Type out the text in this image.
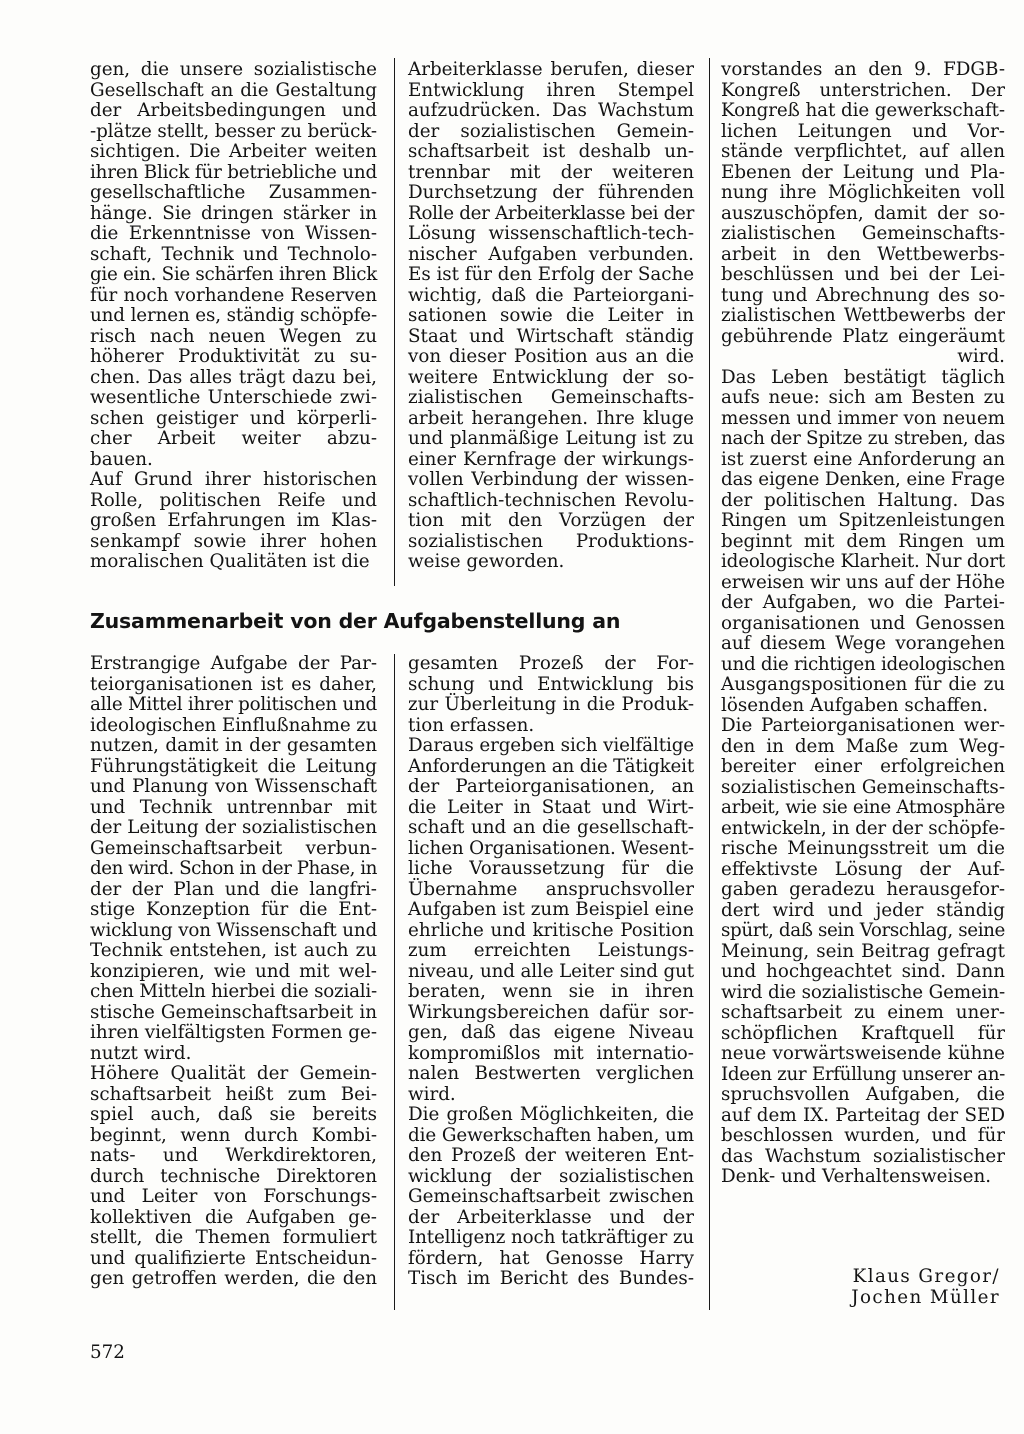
gen, die unsere sozialistische
Gesellschaft an die Gestaltung
der Arbeitsbedingungen und
-plätze stellt, besser zu berück-
sichtigen. Die Arbeiter weiten
ihren Blick für betriebliche und
gesellschaftliche Zusammen-
hänge. Sie dringen stärker in
die Erkenntnisse von Wissen-
schaft, Technik und Technolo-
gie ein. Sie schärfen ihren Blick
für noch vorhandene Reserven
und lernen es, ständig schöpfe-
risch nach neuen Wegen zu
höherer Produktivität zu su-
chen. Das alles trägt dazu bei,
wesentliche Unterschiede zwi-
schen geistiger und körperli-
cher Arbeit weiter abzu-
bauen.
Auf Grund ihrer historischen
Rolle, politischen Reife und
großen Erfahrungen im Klas-
senkampf sowie ihrer hohen
moralischen Qualitäten ist die
Arbeiterklasse berufen, dieser
Entwicklung ihren Stempel
aufzudrücken. Das Wachstum
der sozialistischen Gemein-
schaftsarbeit ist deshalb un-
trennbar mit der weiteren
Durchsetzung der führenden
Rolle der Arbeiterklasse bei der
Lösung wissenschaftlich-tech-
nischer Aufgaben verbunden.
Es ist für den Erfolg der Sache
wichtig, daß die Parteiorgani-
sationen sowie die Leiter in
Staat und Wirtschaft ständig
von dieser Position aus an die
weitere Entwicklung der so-
zialistischen Gemeinschafts-
arbeit herangehen. Ihre kluge
und planmäßige Leitung ist zu
einer Kernfrage der wirkungs-
vollen Verbindung der wissen-
schaftlich-technischen Revolu-
tion mit den Vorzügen der
sozialistischen Produktions-
weise geworden.
vorstandes an den 9. FDGB-
Kongreß unterstrichen. Der
Kongreß hat die gewerkschaft-
lichen Leitungen und Vor-
stände verpflichtet, auf allen
Ebenen der Leitung und Pla-
nung ihre Möglichkeiten voll
auszuschöpfen, damit der so-
zialistischen Gemeinschafts-
arbeit in den Wettbewerbs-
beschlüssen und bei der Lei-
tung und Abrechnung des so-
zialistischen Wettbewerbs der
gebührende Platz eingeräumt
wird.
Das Leben bestätigt täglich
aufs neue: sich am Besten zu
messen und immer von neuem
nach der Spitze zu streben, das
ist zuerst eine Anforderung an
das eigene Denken, eine Frage
der politischen Haltung. Das
Ringen um Spitzenleistungen
beginnt mit dem Ringen um
ideologische Klarheit. Nur dort
erweisen wir uns auf der Höhe
der Aufgaben, wo die Partei-
organisationen und Genossen
auf diesem Wege vorangehen
und die richtigen ideologischen
Ausgangspositionen für die zu
lösenden Aufgaben schaffen.
Die Parteiorganisationen wer-
den in dem Maße zum Weg-
bereiter einer erfolgreichen
sozialistischen Gemeinschafts-
arbeit, wie sie eine Atmosphäre
entwickeln, in der der schöpfe-
rische Meinungsstreit um die
effektivste Lösung der Auf-
gaben geradezu herausgefor-
dert wird und jeder ständig
spürt, daß sein Vorschlag, seine
Meinung, sein Beitrag gefragt
und hochgeachtet sind. Dann
wird die sozialistische Gemein-
schaftsarbeit zu einem uner-
schöpflichen Kraftquell für
neue vorwärtsweisende kühne
Ideen zur Erfüllung unserer an-
spruchsvollen Aufgaben, die
auf dem IX. Parteitag der SED
beschlossen wurden, und für
das Wachstum sozialistischer
Denk- und Verhaltensweisen.
Zusammenarbeit von der Aufgabenstellung an
Erstrangige Aufgabe der Par-
teiorganisationen ist es daher,
alle Mittel ihrer politischen und
ideologischen Einflußnahme zu
nutzen, damit in der gesamten
Führungstätigkeit die Leitung
und Planung von Wissenschaft
und Technik untrennbar mit
der Leitung der sozialistischen
Gemeinschaftsarbeit verbun-
den wird. Schon in der Phase, in
der der Plan und die langfri-
stige Konzeption für die Ent-
wicklung von Wissenschaft und
Technik entstehen, ist auch zu
konzipieren, wie und mit wel-
chen Mitteln hierbei die soziali-
stische Gemeinschaftsarbeit in
ihren vielfältigsten Formen ge-
nutzt wird.
Höhere Qualität der Gemein-
schaftsarbeit heißt zum Bei-
spiel auch, daß sie bereits
beginnt, wenn durch Kombi-
nats- und Werkdirektoren,
durch technische Direktoren
und Leiter von Forschungs-
kollektiven die Aufgaben ge-
stellt, die Themen formuliert
und qualifizierte Entscheidun-
gen getroffen werden, die den
gesamten Prozeß der For-
schung und Entwicklung bis
zur Überleitung in die Produk-
tion erfassen.
Daraus ergeben sich vielfältige
Anforderungen an die Tätigkeit
der Parteiorganisationen, an
die Leiter in Staat und Wirt-
schaft und an die gesellschaft-
lichen Organisationen. Wesent-
liche Voraussetzung für die
Übernahme anspruchsvoller
Aufgaben ist zum Beispiel eine
ehrliche und kritische Position
zum erreichten Leistungs-
niveau, und alle Leiter sind gut
beraten, wenn sie in ihren
Wirkungsbereichen dafür sor-
gen, daß das eigene Niveau
kompromißlos mit internatio-
nalen Bestwerten verglichen
wird.
Die großen Möglichkeiten, die
die Gewerkschaften haben, um
den Prozeß der weiteren Ent-
wicklung der sozialistischen
Gemeinschaftsarbeit zwischen
der Arbeiterklasse und der
Intelligenz noch tatkräftiger zu
fördern, hat Genosse Harry
Tisch im Bericht des Bundes-	Klaus Gregor/
Jochen Müller

572
